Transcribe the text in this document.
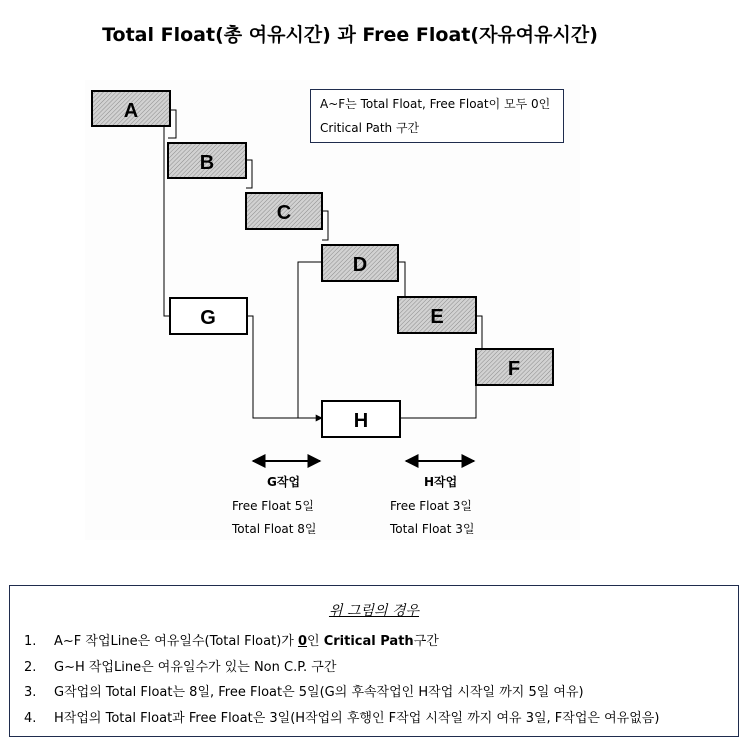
Total Float(총 여유시간) 과 Free Float(자유여유시간)
A
B
C
D
E
F
G
H
A~F는 Total Float, Free Float이 모두 0인
Critical Path 구간
G작업
Free Float 5일
Total Float 8일
H작업
Free Float 3일
Total Float 3일
위 그림의 경우
1. A~F 작업Line은 여유일수(Total Float)가 0인 Critical Path구간
2. G~H 작업Line은 여유일수가 있는 Non C.P. 구간
3. G작업의 Total Float는 8일, Free Float은 5일(G의 후속작업인 H작업 시작일 까지 5일 여유)
4. H작업의 Total Float과 Free Float은 3일(H작업의 후행인 F작업 시작일 까지 여유 3일, F작업은 여유없음)
